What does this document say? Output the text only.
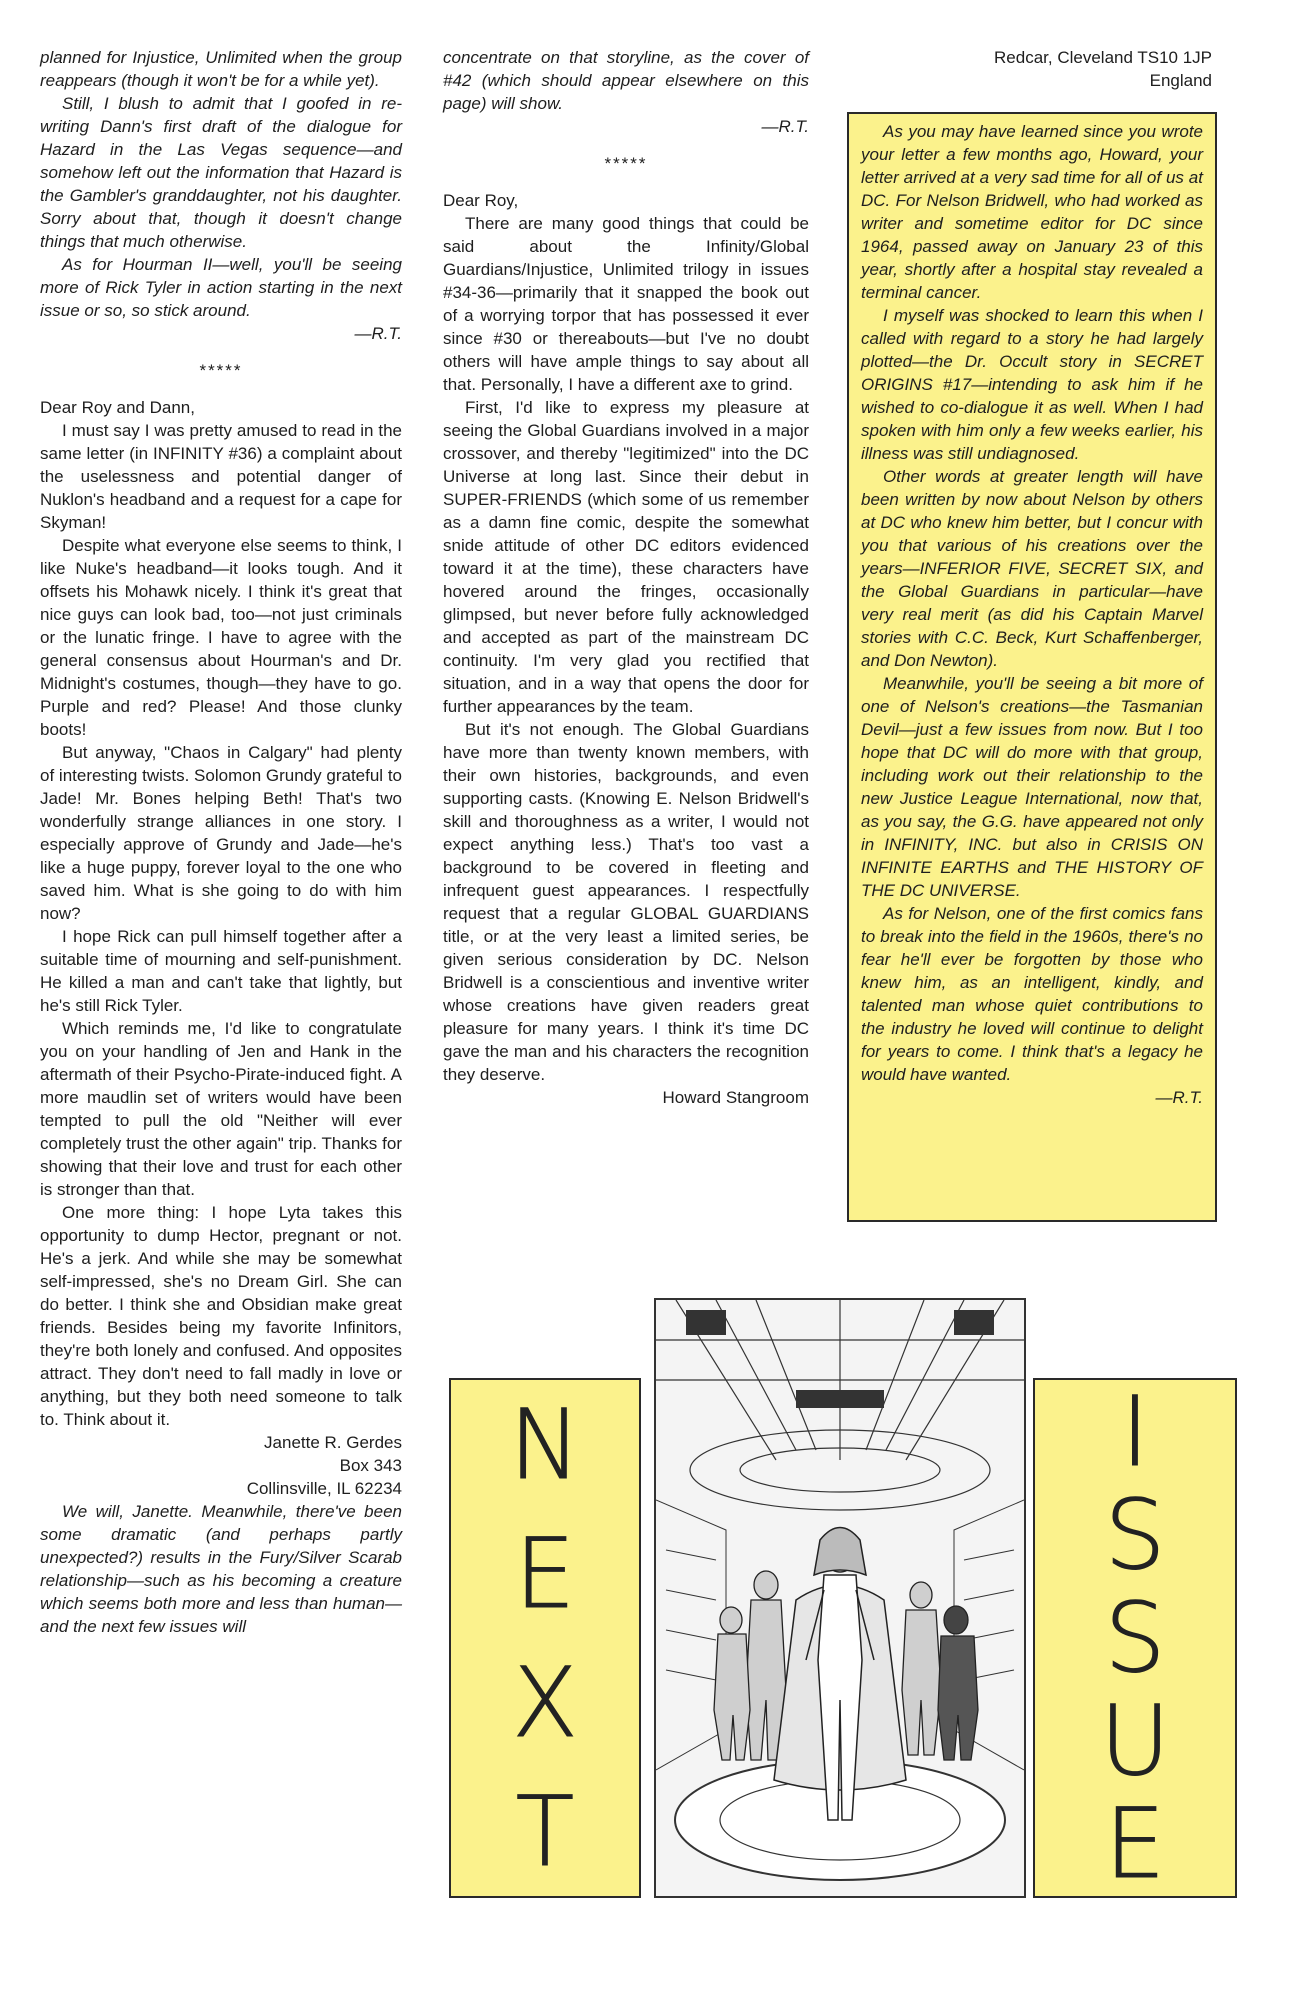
planned for Injustice, Unlimited when the group reappears (though it won't be for a while yet).

Still, I blush to admit that I goofed in re-writing Dann's first draft of the dialogue for Hazard in the Las Vegas sequence—and somehow left out the information that Hazard is the Gambler's granddaughter, not his daughter. Sorry about that, though it doesn't change things that much otherwise.

As for Hourman II—well, you'll be seeing more of Rick Tyler in action starting in the next issue or so, so stick around.

—R.T.

*****

Dear Roy and Dann,

I must say I was pretty amused to read in the same letter (in INFINITY #36) a complaint about the uselessness and potential danger of Nuklon's headband and a request for a cape for Skyman!

Despite what everyone else seems to think, I like Nuke's headband—it looks tough. And it offsets his Mohawk nicely. I think it's great that nice guys can look bad, too—not just criminals or the lunatic fringe. I have to agree with the general consensus about Hourman's and Dr. Midnight's costumes, though—they have to go. Purple and red? Please! And those clunky boots!

But anyway, "Chaos in Calgary" had plenty of interesting twists. Solomon Grundy grateful to Jade! Mr. Bones helping Beth! That's two wonderfully strange alliances in one story. I especially approve of Grundy and Jade—he's like a huge puppy, forever loyal to the one who saved him. What is she going to do with him now?

I hope Rick can pull himself together after a suitable time of mourning and self-punishment. He killed a man and can't take that lightly, but he's still Rick Tyler.

Which reminds me, I'd like to congratulate you on your handling of Jen and Hank in the aftermath of their Psycho-Pirate-induced fight. A more maudlin set of writers would have been tempted to pull the old "Neither will ever completely trust the other again" trip. Thanks for showing that their love and trust for each other is stronger than that.

One more thing: I hope Lyta takes this opportunity to dump Hector, pregnant or not. He's a jerk. And while she may be somewhat self-impressed, she's no Dream Girl. She can do better. I think she and Obsidian make great friends. Besides being my favorite Infinitors, they're both lonely and confused. And opposites attract. They don't need to fall madly in love or anything, but they both need someone to talk to. Think about it.

Janette R. Gerdes

Box 343

Collinsville, IL 62234

We will, Janette. Meanwhile, there've been some dramatic (and perhaps partly unexpected?) results in the Fury/Silver Scarab relationship—such as his becoming a creature which seems both more and less than human—and the next few issues will

concentrate on that storyline, as the cover of #42 (which should appear elsewhere on this page) will show.

—R.T.

*****

Dear Roy,

There are many good things that could be said about the Infinity/Global Guardians/Injustice, Unlimited trilogy in issues #34-36—primarily that it snapped the book out of a worrying torpor that has possessed it ever since #30 or thereabouts—but I've no doubt others will have ample things to say about all that. Personally, I have a different axe to grind.

First, I'd like to express my pleasure at seeing the Global Guardians involved in a major crossover, and thereby "legitimized" into the DC Universe at long last. Since their debut in SUPER-FRIENDS (which some of us remember as a damn fine comic, despite the somewhat snide attitude of other DC editors evidenced toward it at the time), these characters have hovered around the fringes, occasionally glimpsed, but never before fully acknowledged and accepted as part of the mainstream DC continuity. I'm very glad you rectified that situation, and in a way that opens the door for further appearances by the team.

But it's not enough. The Global Guardians have more than twenty known members, with their own histories, backgrounds, and even supporting casts. (Knowing E. Nelson Bridwell's skill and thoroughness as a writer, I would not expect anything less.) That's too vast a background to be covered in fleeting and infrequent guest appearances. I respectfully request that a regular GLOBAL GUARDIANS title, or at the very least a limited series, be given serious consideration by DC. Nelson Bridwell is a conscientious and inventive writer whose creations have given readers great pleasure for many years. I think it's time DC gave the man and his characters the recognition they deserve.

Howard Stangroom

Redcar, Cleveland TS10 1JP
England

As you may have learned since you wrote your letter a few months ago, Howard, your letter arrived at a very sad time for all of us at DC. For Nelson Bridwell, who had worked as writer and sometime editor for DC since 1964, passed away on January 23 of this year, shortly after a hospital stay revealed a terminal cancer.

I myself was shocked to learn this when I called with regard to a story he had largely plotted—the Dr. Occult story in SECRET ORIGINS #17—intending to ask him if he wished to co-dialogue it as well. When I had spoken with him only a few weeks earlier, his illness was still undiagnosed.

Other words at greater length will have been written by now about Nelson by others at DC who knew him better, but I concur with you that various of his creations over the years—INFERIOR FIVE, SECRET SIX, and the Global Guardians in particular—have very real merit (as did his Captain Marvel stories with C.C. Beck, Kurt Schaffenberger, and Don Newton).

Meanwhile, you'll be seeing a bit more of one of Nelson's creations—the Tasmanian Devil—just a few issues from now. But I too hope that DC will do more with that group, including work out their relationship to the new Justice League International, now that, as you say, the G.G. have appeared not only in INFINITY, INC. but also in CRISIS ON INFINITE EARTHS and THE HISTORY OF THE DC UNIVERSE.

As for Nelson, one of the first comics fans to break into the field in the 1960s, there's no fear he'll ever be forgotten by those who knew him, as an intelligent, kindly, and talented man whose quiet contributions to the industry he loved will continue to delight for years to come. I think that's a legacy he would have wanted.

—R.T.

N
E
X
T
I
S
S
U
E
